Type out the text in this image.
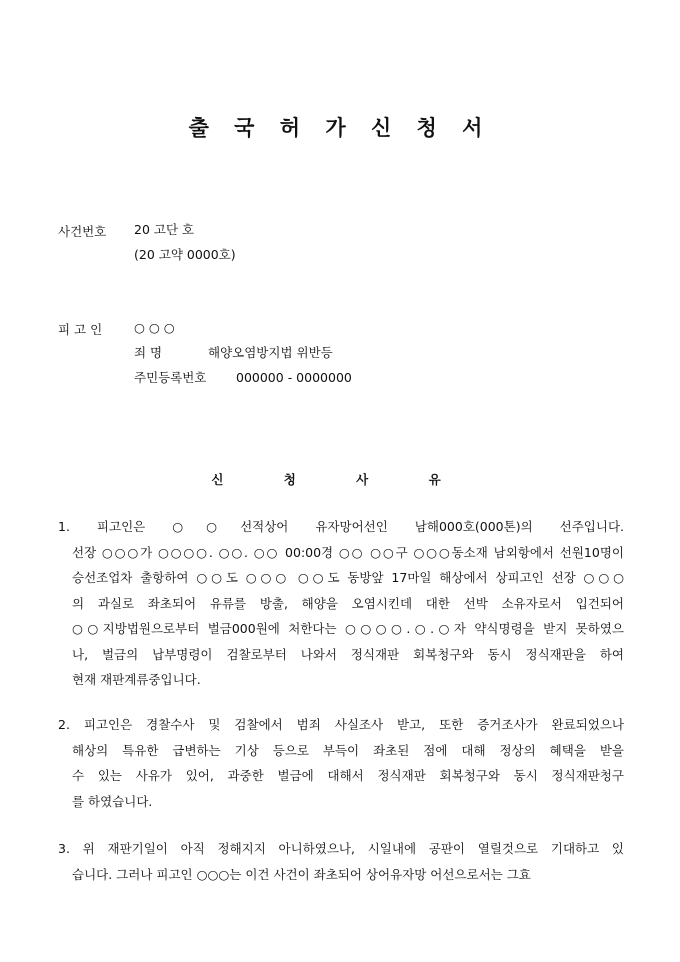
출 국 허 가 신 청 서
사건번호 20 고단 호
(20 고약 0000호)
피 고 인	○ ○ ○
죄 명	해양오염방지법 위반등
주민등록번호 000000 - 0000000
신 청 사 유
1. 피고인은 ○○선적상어 유자망어선인 남해000호(000톤)의 선주입니다.
선장 ○○○가 ○○○○. ○○. ○○ 00:00경 ○○ ○○구 ○○○동소재 남외항에서 선원10명이
승선조업차 출항하여 ○○도 ○○○ ○○도 동방앞 17마일 해상에서 상피고인 선장 ○○○
의 과실로 좌초되어 유류를 방출, 해양을 오염시킨데 대한 선박 소유자로서 입건되어
○○지방법원으로부터 벌금000원에 처한다는 ○○○○.○.○자 약식명령을 받지 못하였으
나, 벌금의 납부명령이 검찰로부터 나와서 정식재판 회복청구와 동시 정식재판을 하여
현재 재판계류중입니다.
2. 피고인은 경찰수사 및 검찰에서 범죄 사실조사 받고, 또한 증거조사가 완료되었으나
해상의 특유한 급변하는 기상 등으로 부득이 좌초된 점에 대해 정상의 혜택을 받을
수 있는 사유가 있어, 과중한 벌금에 대해서 정식재판 회복청구와 동시 정식재판청구
를 하였습니다.
3. 위 재판기일이 아직 정해지지 아니하였으나, 시일내에 공판이 열릴것으로 기대하고 있
습니다. 그러나 피고인 ○○○는 이건 사건이 좌초되어 상어유자망 어선으로서는 그효
